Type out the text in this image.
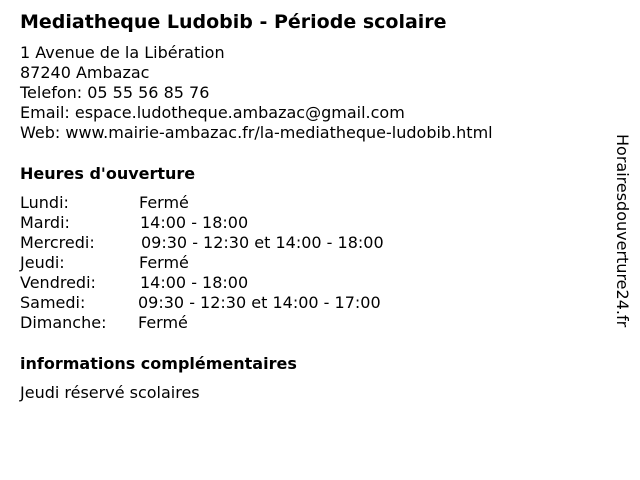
Mediatheque Ludobib - Période scolaire
1 Avenue de la Libération
87240 Ambazac
Telefon: 05 55 56 85 76
Email: espace.ludotheque.ambazac@gmail.com
Web: www.mairie-ambazac.fr/la-mediatheque-ludobib.html
Heures d'ouverture
Lundi:	Fermé
Mardi:	14:00 - 18:00
Mercredi:	09:30 - 12:30 et 14:00 - 18:00
Jeudi:	Fermé
Vendredi:	14:00 - 18:00
Samedi:	09:30 - 12:30 et 14:00 - 17:00
Dimanche: Fermé
informations complémentaires
Jeudi réservé scolaires
Horairesdouverture24.fr
